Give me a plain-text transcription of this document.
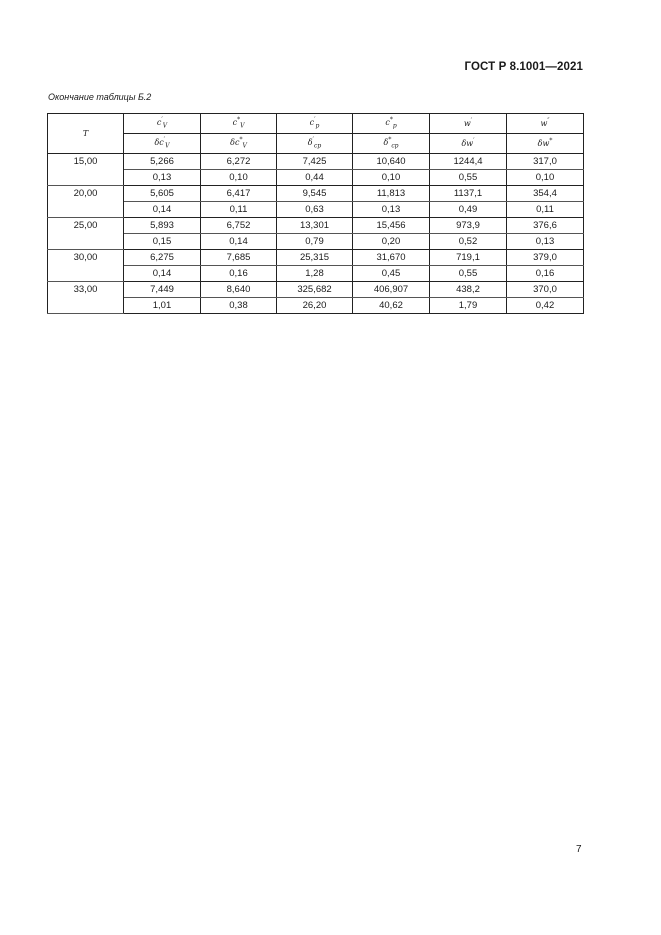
ГОСТ Р 8.1001—2021
Окончание таблицы Б.2
T	$c'_V$	$c^*_V$	$c'_p$	$c^*_p$	w′	w″
	$\delta c'_V$	$\delta c^*_V$	$\delta'_{cp}$	$\delta^*_{cp}$	δw′	δw*
15,00	5,266	6,272	7,425	10,640	1244,4	317,0
	0,13	0,10	0,44	0,10	0,55	0,10
20,00	5,605	6,417	9,545	11,813	1137,1	354,4
	0,14	0,11	0,63	0,13	0,49	0,11
25,00	5,893	6,752	13,301	15,456	973,9	376,6
	0,15	0,14	0,79	0,20	0,52	0,13
30,00	6,275	7,685	25,315	31,670	719,1	379,0
	0,14	0,16	1,28	0,45	0,55	0,16
33,00	7,449	8,640	325,682	406,907	438,2	370,0
	1,01	0,38	26,20	40,62	1,79	0,42
7
